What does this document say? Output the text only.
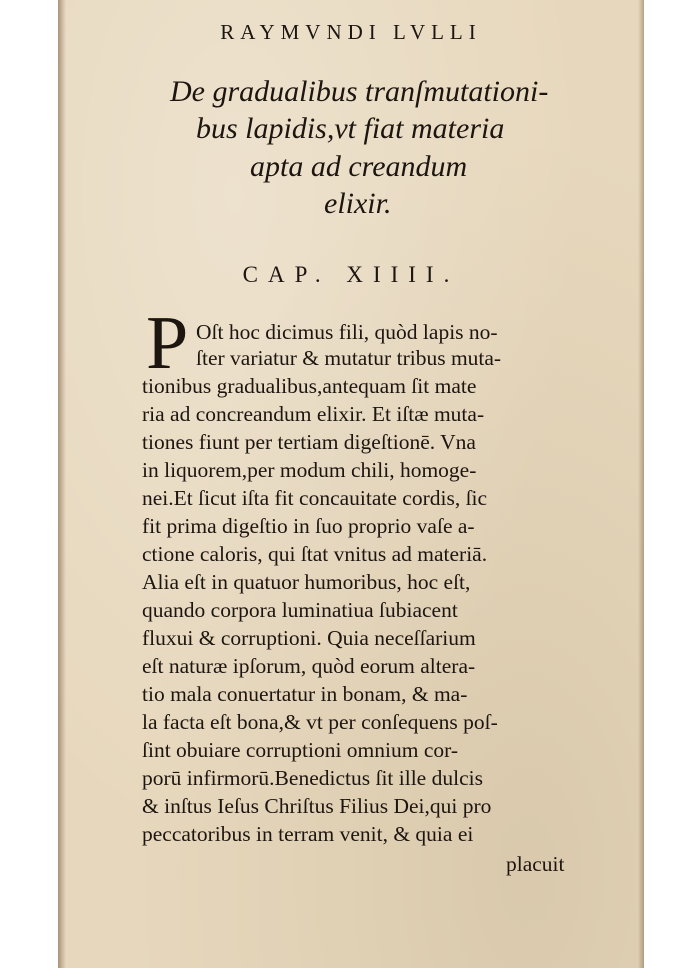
RAYMVNDI LVLLI
De gradualibus tranſmutationi-
bus lapidis,vt fiat materia
apta ad creandum
elixir.
CAP. XIIII.
P Oſt hoc dicimus fili, quòd lapis no-
ſter variatur & mutatur tribus muta-
tionibus gradualibus,antequam ſit mate
ria ad concreandum elixir. Et iſtæ muta-
tiones fiunt per tertiam digeſtionē. Vna
in liquorem,per modum chili, homoge-
nei.Et ſicut iſta fit concauitate cordis, ſic
fit prima digeſtio in ſuo proprio vaſe a-
ctione caloris, qui ſtat vnitus ad materiā.
Alia eſt in quatuor humoribus, hoc eſt,
quando corpora luminatiua ſubiacent
fluxui & corruptioni. Quia neceſſarium
eſt naturæ ipſorum, quòd eorum altera-
tio mala conuertatur in bonam, & ma-
la facta eſt bona,& vt per conſequens poſ-
ſint obuiare corruptioni omnium cor-
porū infirmorū.Benedictus ſit ille dulcis
& inſtus Ieſus Chriſtus Filius Dei,qui pro
peccatoribus in terram venit, & quia ei
placuit
